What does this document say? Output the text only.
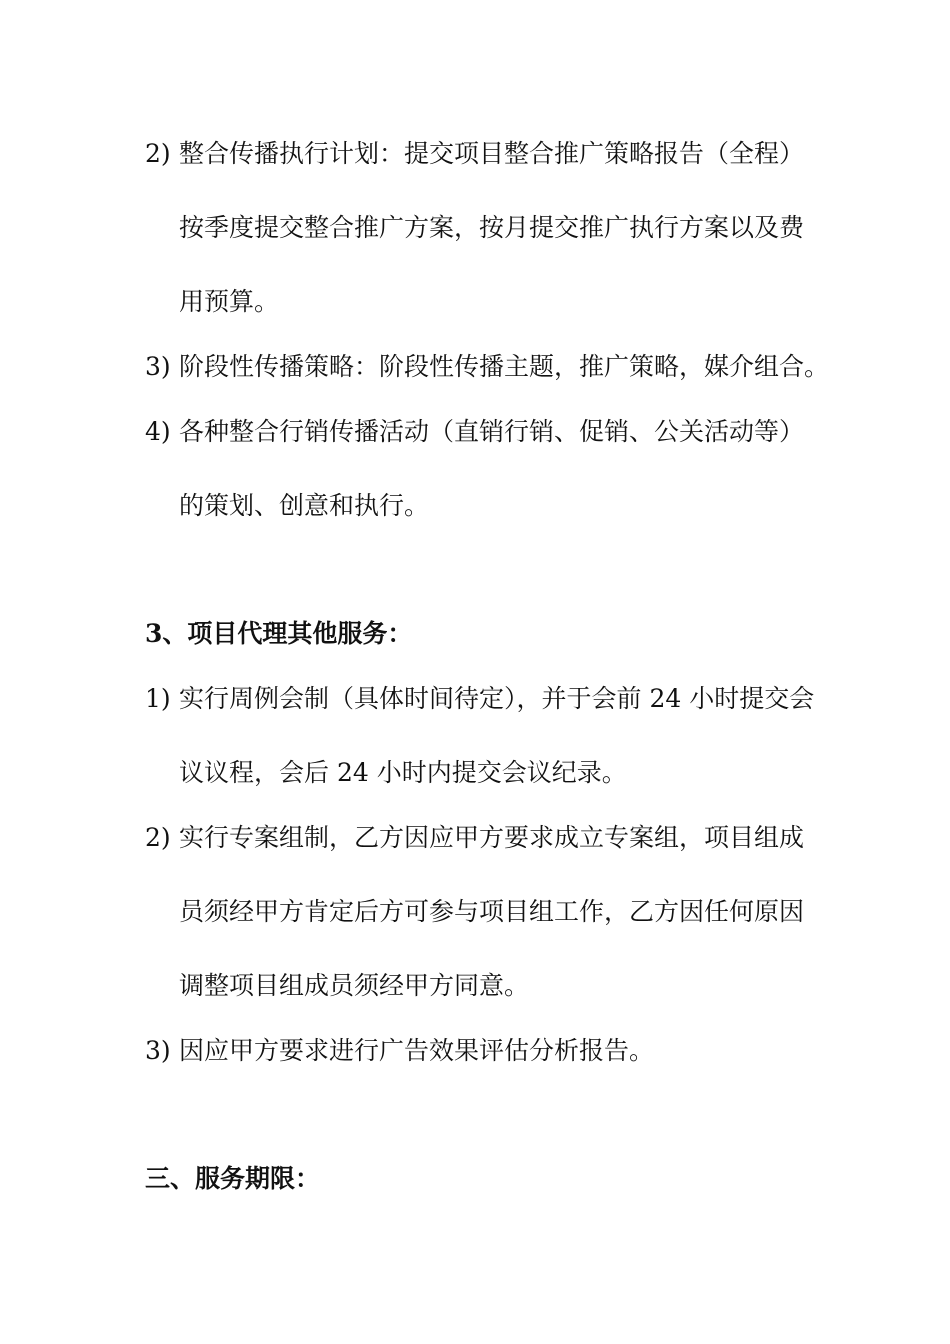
2) 整合传播执行计划：提交项目整合推广策略报告（全程）
按季度提交整合推广方案，按月提交推广执行方案以及费
用预算。
3) 阶段性传播策略：阶段性传播主题，推广策略，媒介组合。
4) 各种整合行销传播活动（直销行销、促销、公关活动等）
的策划、创意和执行。
3、项目代理其他服务：
1) 实行周例会制（具体时间待定），并于会前 24 小时提交会
议议程，会后 24 小时内提交会议纪录。
2) 实行专案组制，乙方因应甲方要求成立专案组，项目组成
员须经甲方肯定后方可参与项目组工作，乙方因任何原因
调整项目组成员须经甲方同意。
3) 因应甲方要求进行广告效果评估分析报告。
三、服务期限：
